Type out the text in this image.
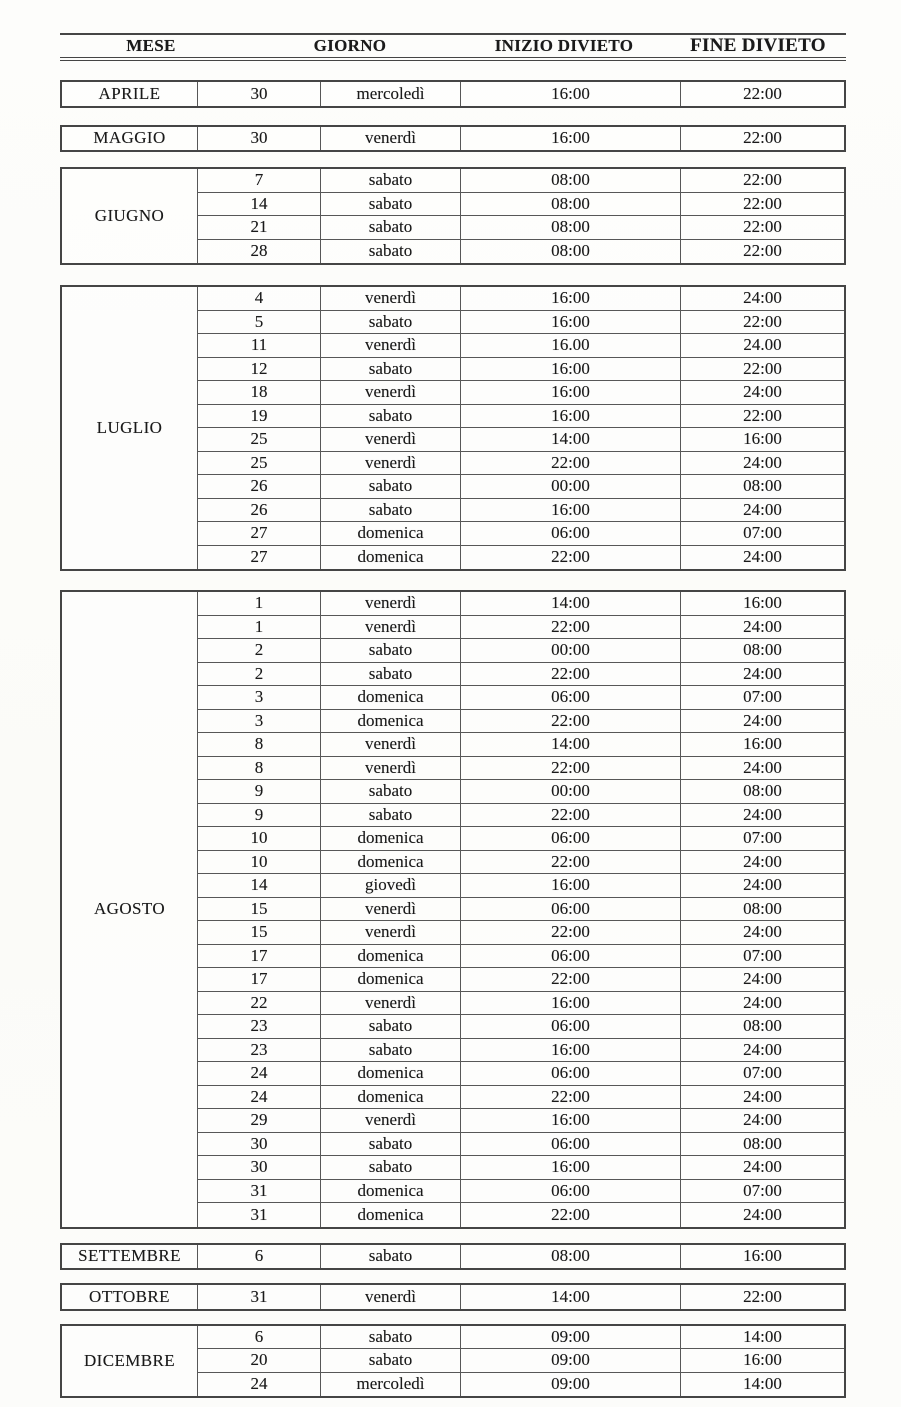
MESE	GIORNO	INIZIO DIVIETO	FINE DIVIETO
APRILE	30	mercoledì	16:00	22:00
MAGGIO	30	venerdì	16:00	22:00
GIUGNO
7	sabato	08:00	22:00
14	sabato	08:00	22:00
21	sabato	08:00	22:00
28	sabato	08:00	22:00
LUGLIO
4	venerdì	16:00	24:00
5	sabato	16:00	22:00
11	venerdì	16.00	24.00
12	sabato	16:00	22:00
18	venerdì	16:00	24:00
19	sabato	16:00	22:00
25	venerdì	14:00	16:00
25	venerdì	22:00	24:00
26	sabato	00:00	08:00
26	sabato	16:00	24:00
27	domenica	06:00	07:00
27	domenica	22:00	24:00
AGOSTO
1	venerdì	14:00	16:00
1	venerdì	22:00	24:00
2	sabato	00:00	08:00
2	sabato	22:00	24:00
3	domenica	06:00	07:00
3	domenica	22:00	24:00
8	venerdì	14:00	16:00
8	venerdì	22:00	24:00
9	sabato	00:00	08:00
9	sabato	22:00	24:00
10	domenica	06:00	07:00
10	domenica	22:00	24:00
14	giovedì	16:00	24:00
15	venerdì	06:00	08:00
15	venerdì	22:00	24:00
17	domenica	06:00	07:00
17	domenica	22:00	24:00
22	venerdì	16:00	24:00
23	sabato	06:00	08:00
23	sabato	16:00	24:00
24	domenica	06:00	07:00
24	domenica	22:00	24:00
29	venerdì	16:00	24:00
30	sabato	06:00	08:00
30	sabato	16:00	24:00
31	domenica	06:00	07:00
31	domenica	22:00	24:00
SETTEMBRE	6	sabato	08:00	16:00
OTTOBRE	31	venerdì	14:00	22:00
DICEMBRE
6	sabato	09:00	14:00
20	sabato	09:00	16:00
24	mercoledì	09:00	14:00
